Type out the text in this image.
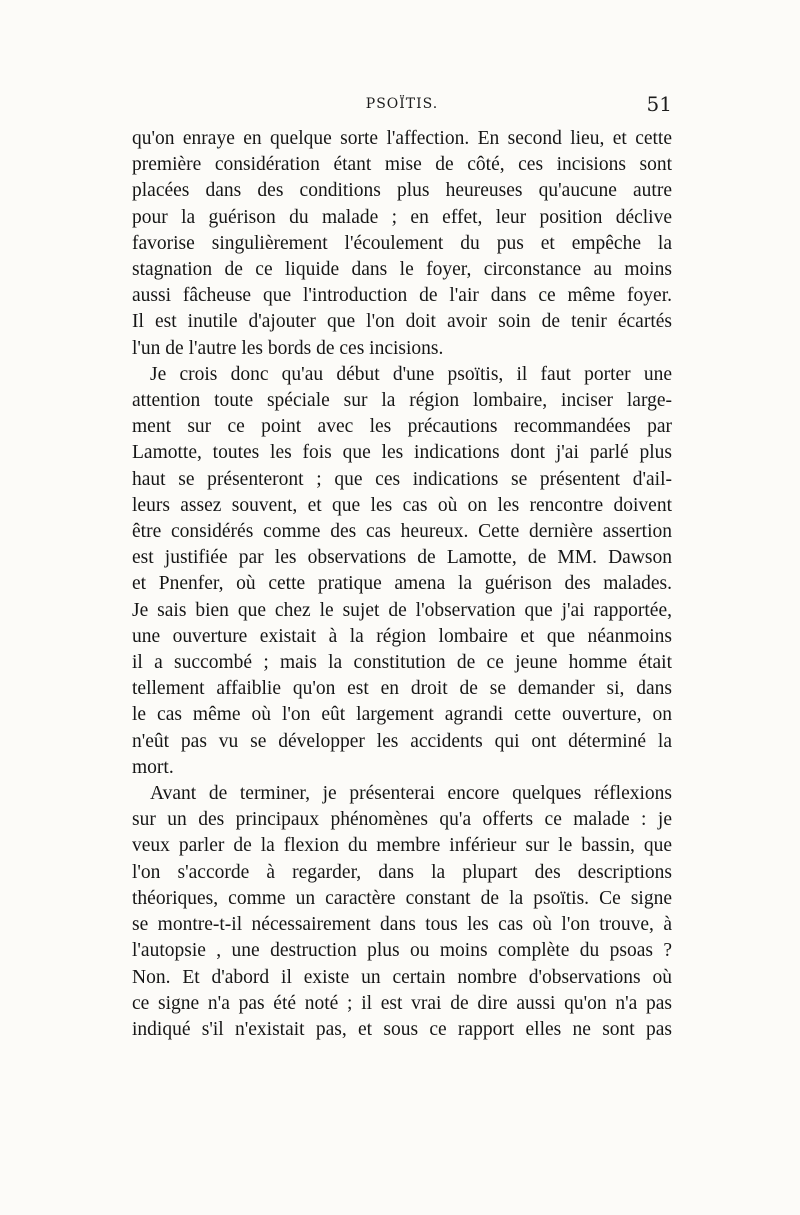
PSOÏTIS.	51
qu'on enraye en quelque sorte l'affection. En second lieu, et cette
première considération étant mise de côté, ces incisions sont
placées dans des conditions plus heureuses qu'aucune autre
pour la guérison du malade ; en effet, leur position déclive
favorise singulièrement l'écoulement du pus et empêche la
stagnation de ce liquide dans le foyer, circonstance au moins
aussi fâcheuse que l'introduction de l'air dans ce même foyer.
Il est inutile d'ajouter que l'on doit avoir soin de tenir écartés
l'un de l'autre les bords de ces incisions.
Je crois donc qu'au début d'une psoïtis, il faut porter une
attention toute spéciale sur la région lombaire, inciser large-
ment sur ce point avec les précautions recommandées par
Lamotte, toutes les fois que les indications dont j'ai parlé plus
haut se présenteront ; que ces indications se présentent d'ail-
leurs assez souvent, et que les cas où on les rencontre doivent
être considérés comme des cas heureux. Cette dernière assertion
est justifiée par les observations de Lamotte, de MM. Dawson
et Pnenfer, où cette pratique amena la guérison des malades.
Je sais bien que chez le sujet de l'observation que j'ai rapportée,
une ouverture existait à la région lombaire et que néanmoins
il a succombé ; mais la constitution de ce jeune homme était
tellement affaiblie qu'on est en droit de se demander si, dans
le cas même où l'on eût largement agrandi cette ouverture, on
n'eût pas vu se développer les accidents qui ont déterminé la
mort.
Avant de terminer, je présenterai encore quelques réflexions
sur un des principaux phénomènes qu'a offerts ce malade : je
veux parler de la flexion du membre inférieur sur le bassin, que
l'on s'accorde à regarder, dans la plupart des descriptions
théoriques, comme un caractère constant de la psoïtis. Ce signe
se montre-t-il nécessairement dans tous les cas où l'on trouve, à
l'autopsie , une destruction plus ou moins complète du psoas ?
Non. Et d'abord il existe un certain nombre d'observations où
ce signe n'a pas été noté ; il est vrai de dire aussi qu'on n'a pas
indiqué s'il n'existait pas, et sous ce rapport elles ne sont pas
